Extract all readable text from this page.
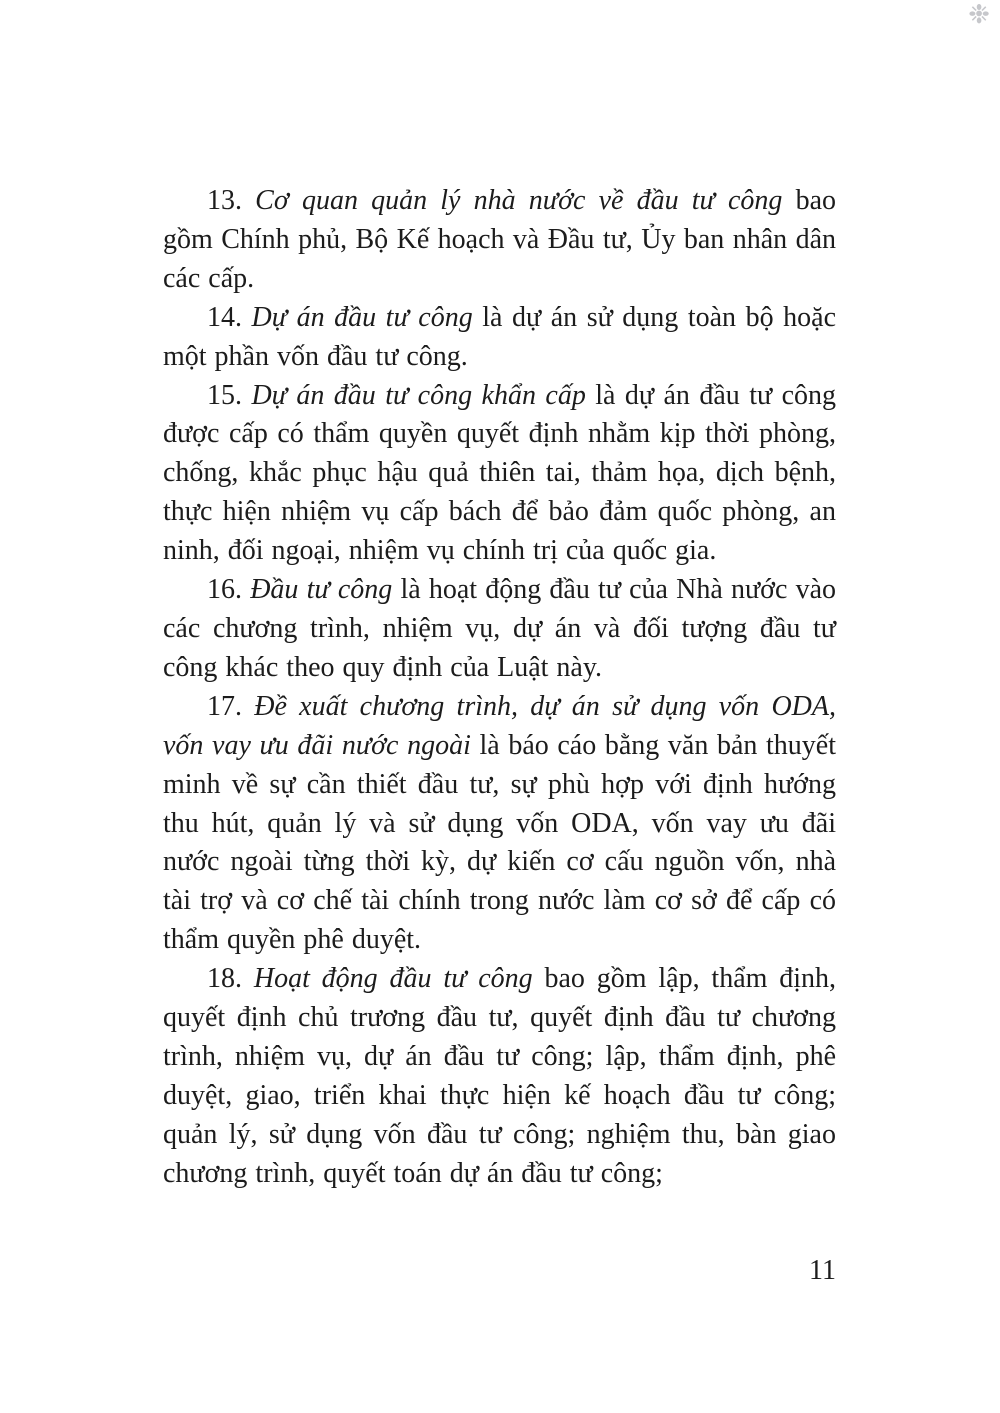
❉

13. Cơ quan quản lý nhà nước về đầu tư công bao gồm Chính phủ, Bộ Kế hoạch và Đầu tư, Ủy ban nhân dân các cấp.

14. Dự án đầu tư công là dự án sử dụng toàn bộ hoặc một phần vốn đầu tư công.

15. Dự án đầu tư công khẩn cấp là dự án đầu tư công được cấp có thẩm quyền quyết định nhằm kịp thời phòng, chống, khắc phục hậu quả thiên tai, thảm họa, dịch bệnh, thực hiện nhiệm vụ cấp bách để bảo đảm quốc phòng, an ninh, đối ngoại, nhiệm vụ chính trị của quốc gia.

16. Đầu tư công là hoạt động đầu tư của Nhà nước vào các chương trình, nhiệm vụ, dự án và đối tượng đầu tư công khác theo quy định của Luật này.

17. Đề xuất chương trình, dự án sử dụng vốn ODA, vốn vay ưu đãi nước ngoài là báo cáo bằng văn bản thuyết minh về sự cần thiết đầu tư, sự phù hợp với định hướng thu hút, quản lý và sử dụng vốn ODA, vốn vay ưu đãi nước ngoài từng thời kỳ, dự kiến cơ cấu nguồn vốn, nhà tài trợ và cơ chế tài chính trong nước làm cơ sở để cấp có thẩm quyền phê duyệt.

18. Hoạt động đầu tư công bao gồm lập, thẩm định, quyết định chủ trương đầu tư, quyết định đầu tư chương trình, nhiệm vụ, dự án đầu tư công; lập, thẩm định, phê duyệt, giao, triển khai thực hiện kế hoạch đầu tư công; quản lý, sử dụng vốn đầu tư công; nghiệm thu, bàn giao chương trình, quyết toán dự án đầu tư công;

11
